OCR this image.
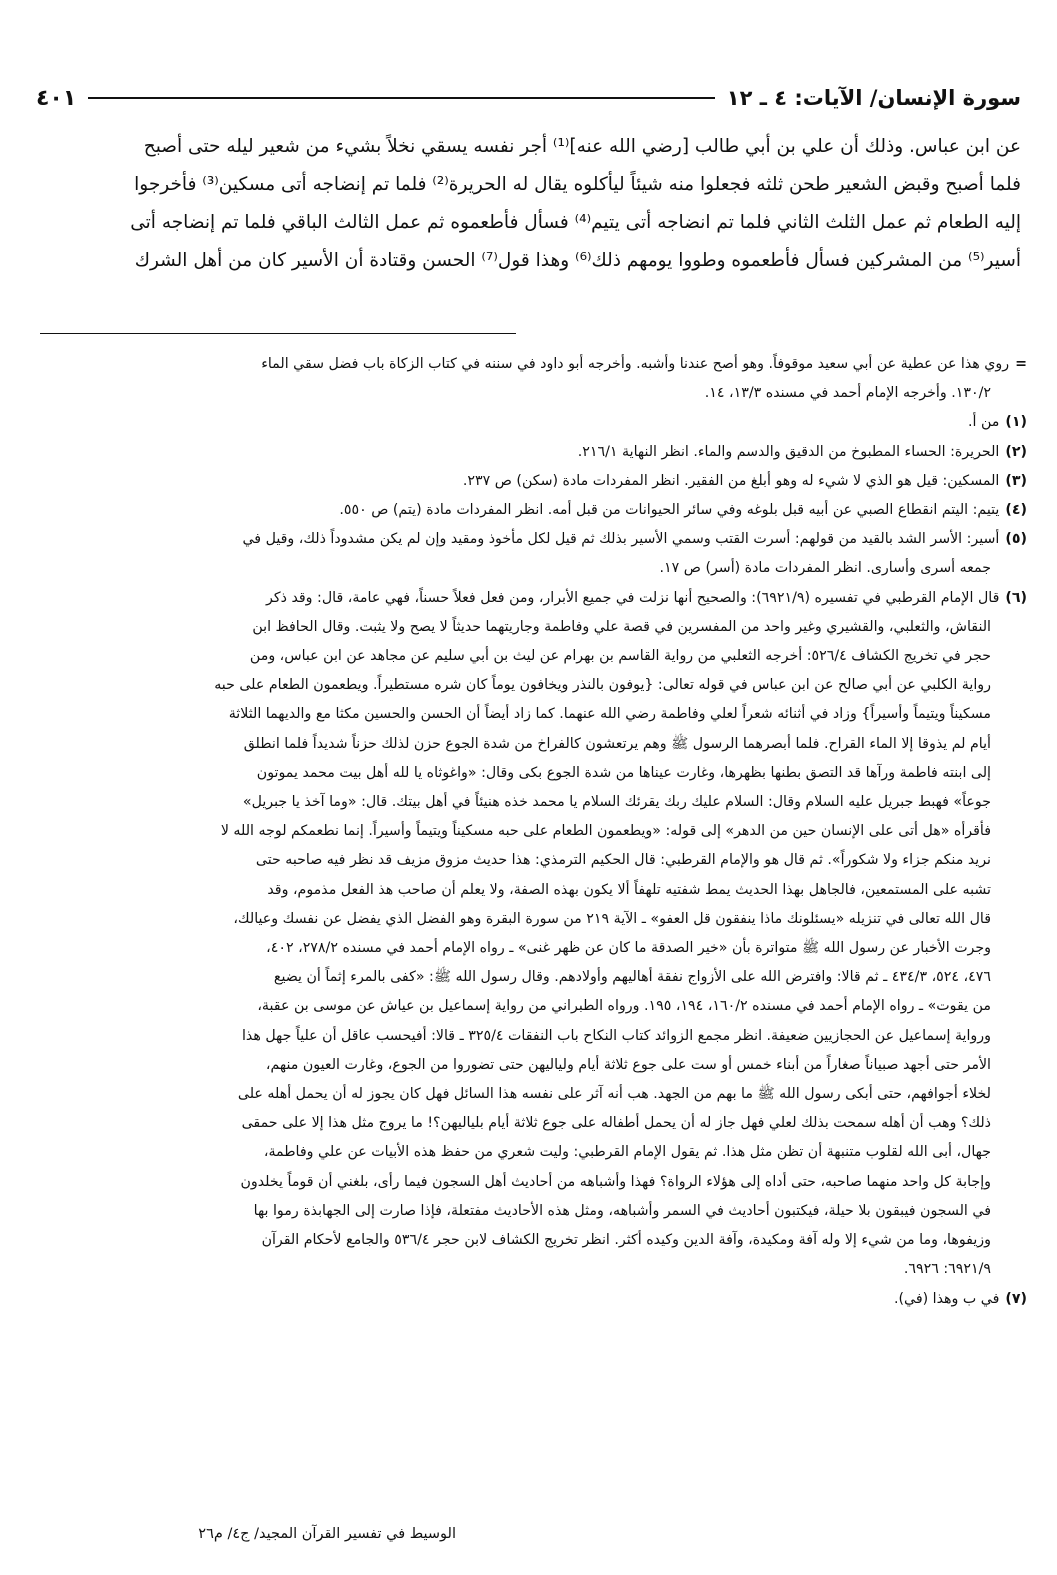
سورة الإنسان/ الآيات: ٤ ـ ١٢
٤٠١
عن ابن عباس. وذلك أن علي بن أبي طالب [رضي الله عنه]⁽¹⁾ أجر نفسه يسقي نخلاً بشيء من شعير ليله حتى أصبح
فلما أصبح وقبض الشعير طحن ثلثه فجعلوا منه شيئاً ليأكلوه يقال له الحريرة⁽²⁾ فلما تم إنضاجه أتى مسكين⁽³⁾ فأخرجوا
إليه الطعام ثم عمل الثلث الثاني فلما تم انضاجه أتى يتيم⁽⁴⁾ فسأل فأطعموه ثم عمل الثالث الباقي فلما تم إنضاجه أتى
أسير⁽⁵⁾ من المشركين فسأل فأطعموه وطووا يومهم ذلك⁽⁶⁾ وهذا قول⁽⁷⁾ الحسن وقتادة أن الأسير كان من أهل الشرك
=روي هذا عن عطية عن أبي سعيد موقوفاً. وهو أصح عندنا وأشبه. وأخرجه أبو داود في سننه في كتاب الزكاة باب فضل سقي الماء
١٣٠/٢. وأخرجه الإمام أحمد في مسنده ١٣/٣، ١٤.
(١)من أ.
(٢)الحريرة: الحساء المطبوخ من الدقيق والدسم والماء. انظر النهاية ٢١٦/١.
(٣)المسكين: قيل هو الذي لا شيء له وهو أبلغ من الفقير. انظر المفردات مادة (سكن) ص ٢٣٧.
(٤)يتيم: اليتم انقطاع الصبي عن أبيه قبل بلوغه وفي سائر الحيوانات من قبل أمه. انظر المفردات مادة (يتم) ص ٥٥٠.
(٥)أسير: الأسر الشد بالقيد من قولهم: أسرت القتب وسمي الأسير بذلك ثم قيل لكل مأخوذ ومقيد وإن لم يكن مشدوداً ذلك، وقيل في
جمعه أسرى وأسارى. انظر المفردات مادة (أسر) ص ١٧.
(٦)قال الإمام القرطبي في تفسيره (٦٩٢١/٩): والصحيح أنها نزلت في جميع الأبرار، ومن فعل فعلاً حسناً، فهي عامة، قال: وقد ذكر
النقاش، والثعلبي، والقشيري وغير واحد من المفسرين في قصة علي وفاطمة وجاريتهما حديثاً لا يصح ولا يثبت. وقال الحافظ ابن
حجر في تخريج الكشاف ٥٢٦/٤: أخرجه الثعلبي من رواية القاسم بن بهرام عن ليث بن أبي سليم عن مجاهد عن ابن عباس، ومن
رواية الكلبي عن أبي صالح عن ابن عباس في قوله تعالى: {يوفون بالنذر ويخافون يوماً كان شره مستطيراً. ويطعمون الطعام على حبه
مسكيناً ويتيماً وأسيراً} وزاد في أثنائه شعراً لعلي وفاطمة رضي الله عنهما. كما زاد أيضاً أن الحسن والحسين مكثا مع والديهما الثلاثة
أيام لم يذوقا إلا الماء القراح. فلما أبصرهما الرسول ﷺ وهم يرتعشون كالفراخ من شدة الجوع حزن لذلك حزناً شديداً فلما انطلق
إلى ابنته فاطمة ورآها قد التصق بطنها بظهرها، وغارت عيناها من شدة الجوع بكى وقال: «واغوثاه يا لله أهل بيت محمد يموتون
جوعاً» فهبط جبريل عليه السلام وقال: السلام عليك ربك يقرئك السلام يا محمد خذه هنيئاً في أهل بيتك. قال: «وما آخذ يا جبريل»
فأقرأه «هل أتى على الإنسان حين من الدهر» إلى قوله: «ويطعمون الطعام على حبه مسكيناً ويتيماً وأسيراً. إنما نطعمكم لوجه الله لا
نريد منكم جزاء ولا شكوراً». ثم قال هو والإمام القرطبي: قال الحكيم الترمذي: هذا حديث مزوق مزيف قد نظر فيه صاحبه حتى
تشبه على المستمعين، فالجاهل بهذا الحديث يمط شفتيه تلهفاً ألا يكون بهذه الصفة، ولا يعلم أن صاحب هذ الفعل مذموم، وقد
قال الله تعالى في تنزيله «يسئلونك ماذا ينفقون قل العفو» ـ الآية ٢١٩ من سورة البقرة وهو الفضل الذي يفضل عن نفسك وعيالك،
وجرت الأخبار عن رسول الله ﷺ متواترة بأن «خير الصدقة ما كان عن ظهر غنى» ـ رواه الإمام أحمد في مسنده ٢٧٨/٢، ٤٠٢،
٤٧٦، ٥٢٤، ٤٣٤/٣ ـ ثم قالا: وافترض الله على الأزواج نفقة أهاليهم وأولادهم. وقال رسول الله ﷺ: «كفى بالمرء إثماً أن يضيع
من يقوت» ـ رواه الإمام أحمد في مسنده ١٦٠/٢، ١٩٤، ١٩٥. ورواه الطبراني من رواية إسماعيل بن عياش عن موسى بن عقبة،
ورواية إسماعيل عن الحجازيين ضعيفة. انظر مجمع الزوائد كتاب النكاح باب النفقات ٣٢٥/٤ ـ قالا: أفيحسب عاقل أن علياً جهل هذا
الأمر حتى أجهد صبياناً صغاراً من أبناء خمس أو ست على جوع ثلاثة أيام ولياليهن حتى تضوروا من الجوع، وغارت العيون منهم،
لخلاء أجوافهم، حتى أبكى رسول الله ﷺ ما بهم من الجهد. هب أنه آثر على نفسه هذا السائل فهل كان يجوز له أن يحمل أهله على
ذلك؟ وهب أن أهله سمحت بذلك لعلي فهل جاز له أن يحمل أطفاله على جوع ثلاثة أيام بلياليهن؟! ما يروج مثل هذا إلا على حمقى
جهال، أبى الله لقلوب متنبهة أن تظن مثل هذا. ثم يقول الإمام القرطبي: وليت شعري من حفظ هذه الأبيات عن علي وفاطمة،
وإجابة كل واحد منهما صاحبه، حتى أداه إلى هؤلاء الرواة؟ فهذا وأشباهه من أحاديث أهل السجون فيما رأى، بلغني أن قوماً يخلدون
في السجون فيبقون بلا حيلة، فيكتبون أحاديث في السمر وأشباهه، ومثل هذه الأحاديث مفتعلة، فإذا صارت إلى الجهابذة رموا بها
وزيفوها، وما من شيء إلا وله آفة ومكيدة، وآفة الدين وكيده أكثر. انظر تخريج الكشاف لابن حجر ٥٣٦/٤ والجامع لأحكام القرآن
٦٩٢١/٩: ٦٩٢٦.
(٧)في ب وهذا (في).
الوسيط في تفسير القرآن المجيد/ ج٤/ م٢٦
